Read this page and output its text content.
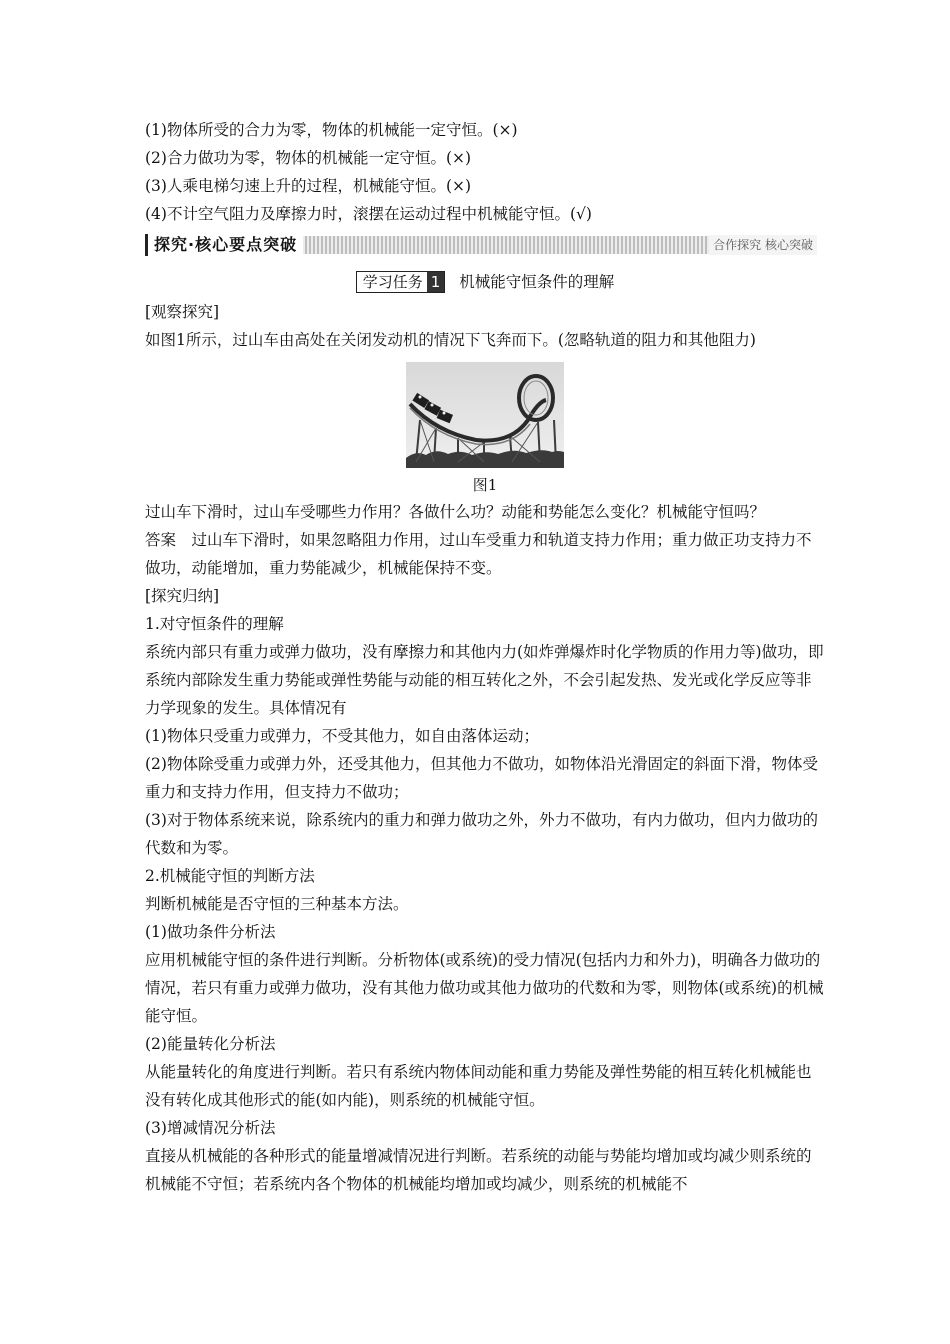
(1)物体所受的合力为零，物体的机械能一定守恒。(×)
(2)合力做功为零，物体的机械能一定守恒。(×)
(3)人乘电梯匀速上升的过程，机械能守恒。(×)
(4)不计空气阻力及摩擦力时，滚摆在运动过程中机械能守恒。(√)
探究·核心要点突破	合作探究 核心突破
学习任务 1 机械能守恒条件的理解
[观察探究]
如图1所示，过山车由高处在关闭发动机的情况下飞奔而下。(忽略轨道的阻力和其他阻力)
图1
过山车下滑时，过山车受哪些力作用？各做什么功？动能和势能怎么变化？机械能守恒吗？
答案　过山车下滑时，如果忽略阻力作用，过山车受重力和轨道支持力作用；重力做正功支持力不做功，动能增加，重力势能减少，机械能保持不变。
[探究归纳]
1.对守恒条件的理解
系统内部只有重力或弹力做功，没有摩擦力和其他内力(如炸弹爆炸时化学物质的作用力等)做功，即系统内部除发生重力势能或弹性势能与动能的相互转化之外，不会引起发热、发光或化学反应等非力学现象的发生。具体情况有
(1)物体只受重力或弹力，不受其他力，如自由落体运动；
(2)物体除受重力或弹力外，还受其他力，但其他力不做功，如物体沿光滑固定的斜面下滑，物体受重力和支持力作用，但支持力不做功；
(3)对于物体系统来说，除系统内的重力和弹力做功之外，外力不做功，有内力做功，但内力做功的代数和为零。
2.机械能守恒的判断方法
判断机械能是否守恒的三种基本方法。
(1)做功条件分析法
应用机械能守恒的条件进行判断。分析物体(或系统)的受力情况(包括内力和外力)，明确各力做功的情况，若只有重力或弹力做功，没有其他力做功或其他力做功的代数和为零，则物体(或系统)的机械能守恒。
(2)能量转化分析法
从能量转化的角度进行判断。若只有系统内物体间动能和重力势能及弹性势能的相互转化机械能也没有转化成其他形式的能(如内能)，则系统的机械能守恒。
(3)增减情况分析法
直接从机械能的各种形式的能量增减情况进行判断。若系统的动能与势能均增加或均减少则系统的机械能不守恒；若系统内各个物体的机械能均增加或均减少，则系统的机械能不
